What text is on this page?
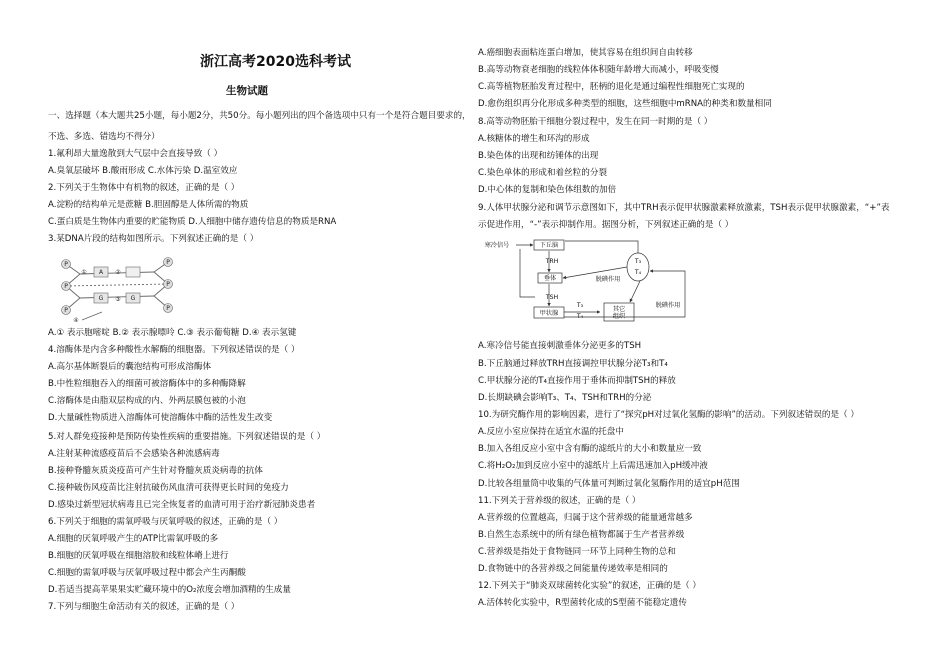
浙江高考2020选科考试
生物试题
一、选择题（本大题共25小题，每小题2分，共50分。每小题列出的四个备选项中只有一个是符合题目要求的，
不选、多选、错选均不得分）
1.氟利昂大量逸散到大气层中会直接导致（ ）
A.臭氧层破坏 B.酸雨形成 C.水体污染 D.温室效应
2.下列关于生物体中有机物的叙述，正确的是（ ）
A.淀粉的结构单元是蔗糖 B.胆固醇是人体所需的物质
C.蛋白质是生物体内重要的贮能物质 D.人细胞中储存遗传信息的物质是RNA
3.某DNA片段的结构如图所示。下列叙述正确的是（ ）
P
P
P
P
P
P
A
G	G
①	②
③
④
A.① 表示胞嘧啶 B.② 表示腺嘌呤 C.③ 表示葡萄糖 D.④ 表示氢键
4.溶酶体是内含多种酸性水解酶的细胞器。下列叙述错误的是（ ）
A.高尔基体断裂后的囊泡结构可形成溶酶体
B.中性粒细胞吞入的细菌可被溶酶体中的多种酶降解
C.溶酶体是由脂双层构成的内、外两层膜包被的小泡
D.大量碱性物质进入溶酶体可使溶酶体中酶的活性发生改变
5.对人群免疫接种是预防传染性疾病的重要措施。下列叙述错误的是（ ）
A.注射某种流感疫苗后不会感染各种流感病毒
B.接种脊髓灰质炎疫苗可产生针对脊髓灰质炎病毒的抗体
C.接种破伤风疫苗比注射抗破伤风血清可获得更长时间的免疫力
D.感染过新型冠状病毒且已完全恢复者的血清可用于治疗新冠肺炎患者
6.下列关于细胞的需氧呼吸与厌氧呼吸的叙述，正确的是（ ）
A.细胞的厌氧呼吸产生的ATP比需氧呼吸的多
B.细胞的厌氧呼吸在细胞溶胶和线粒体嵴上进行
C.细胞的需氧呼吸与厌氧呼吸过程中都会产生丙酮酸
D.若适当提高苹果果实贮藏环境中的O₂浓度会增加酒精的生成量
7.下列与细胞生命活动有关的叙述，正确的是（ ）
A.癌细胞表面粘连蛋白增加，使其容易在组织间自由转移
B.高等动物衰老细胞的线粒体体积随年龄增大而减小，呼吸变慢
C.高等植物胚胎发育过程中，胚柄的退化是通过编程性细胞死亡实现的
D.愈伤组织再分化形成多种类型的细胞，这些细胞中mRNA的种类和数量相同
8.高等动物胚胎干细胞分裂过程中，发生在同一时期的是（ ）
A.核糖体的增生和环沟的形成
B.染色体的出现和纺锤体的出现
C.染色单体的形成和着丝粒的分裂
D.中心体的复制和染色体组数的加倍
9.人体甲状腺分泌和调节示意图如下，其中TRH表示促甲状腺激素释放激素，TSH表示促甲状腺激素，“+”表
示促进作用，“-”表示抑制作用。据图分析，下列叙述正确的是（ ）
寒冷信号	下丘脑
TRH
垂体
TSH
甲状腺
T₃
T₄
其它
组织
脱碘作用
脱碘作用
T₃
T₄
A.寒冷信号能直接刺激垂体分泌更多的TSH
B.下丘脑通过释放TRH直接调控甲状腺分泌T₃和T₄
C.甲状腺分泌的T₄直接作用于垂体而抑制TSH的释放
D.长期缺碘会影响T₃、T₄、TSH和TRH的分泌
10.为研究酶作用的影响因素，进行了“探究pH对过氧化氢酶的影响”的活动。下列叙述错误的是（ ）
A.反应小室应保持在适宜水温的托盘中
B.加入各组反应小室中含有酶的滤纸片的大小和数量应一致
C.将H₂O₂加到反应小室中的滤纸片上后需迅速加入pH缓冲液
D.比较各组量筒中收集的气体量可判断过氧化氢酶作用的适宜pH范围
11.下列关于营养级的叙述，正确的是（ ）
A.营养级的位置越高，归属于这个营养级的能量通常越多
B.自然生态系统中的所有绿色植物都属于生产者营养级
C.营养级是指处于食物链同一环节上同种生物的总和
D.食物链中的各营养级之间能量传递效率是相同的
12.下列关于“肺炎双球菌转化实验”的叙述，正确的是（ ）
A.活体转化实验中，R型菌转化成的S型菌不能稳定遗传
